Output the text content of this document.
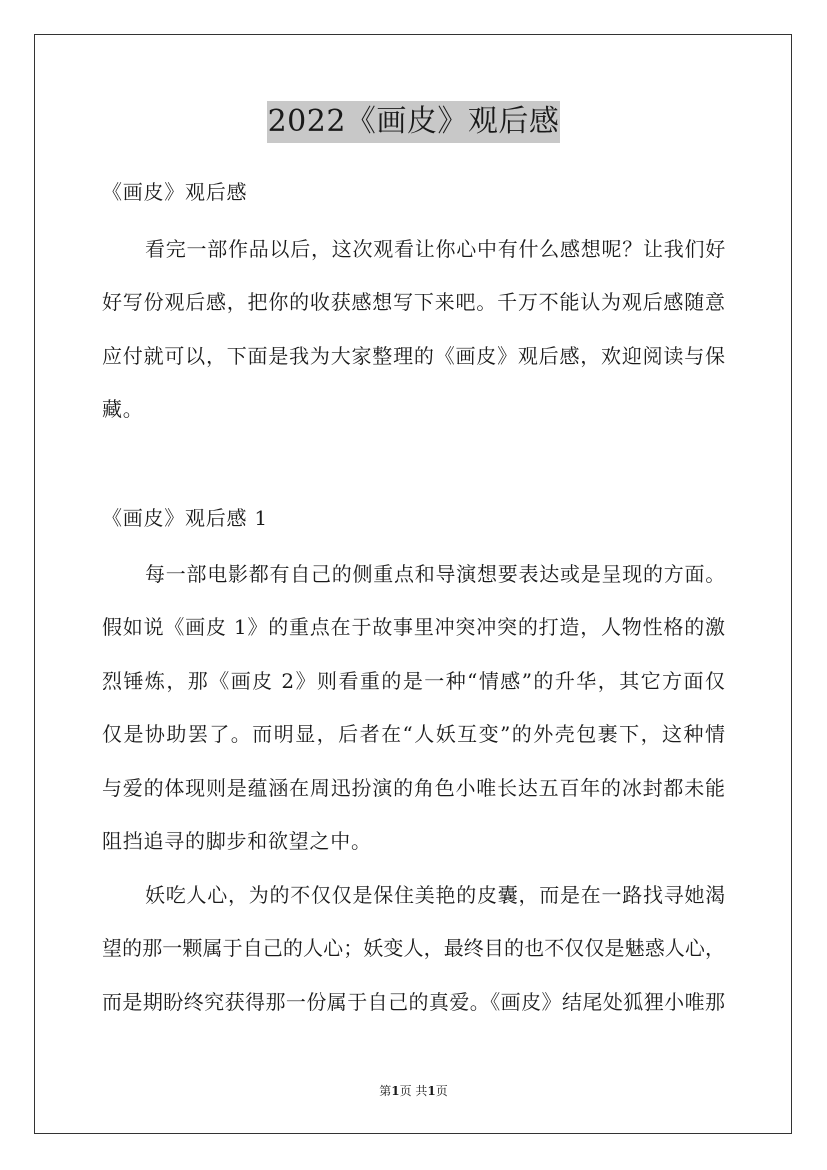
2022《画皮》观后感
《画皮》观后感
看完一部作品以后，这次观看让你心中有什么感想呢？让我们好
好写份观后感，把你的收获感想写下来吧。千万不能认为观后感随意
应付就可以，下面是我为大家整理的《画皮》观后感，欢迎阅读与保
藏。
《画皮》观后感 1
每一部电影都有自己的侧重点和导演想要表达或是呈现的方面。
假如说《画皮 1》的重点在于故事里冲突冲突的打造，人物性格的激
烈锤炼，那《画皮 2》则看重的是一种“情感”的升华，其它方面仅
仅是协助罢了。而明显，后者在“人妖互变”的外壳包裹下，这种情
与爱的体现则是蕴涵在周迅扮演的角色小唯长达五百年的冰封都未能
阻挡追寻的脚步和欲望之中。
妖吃人心，为的不仅仅是保住美艳的皮囊，而是在一路找寻她渴
望的那一颗属于自己的人心；妖变人，最终目的也不仅仅是魅惑人心，
而是期盼终究获得那一份属于自己的真爱。《画皮》结尾处狐狸小唯那
第1页 共1页
